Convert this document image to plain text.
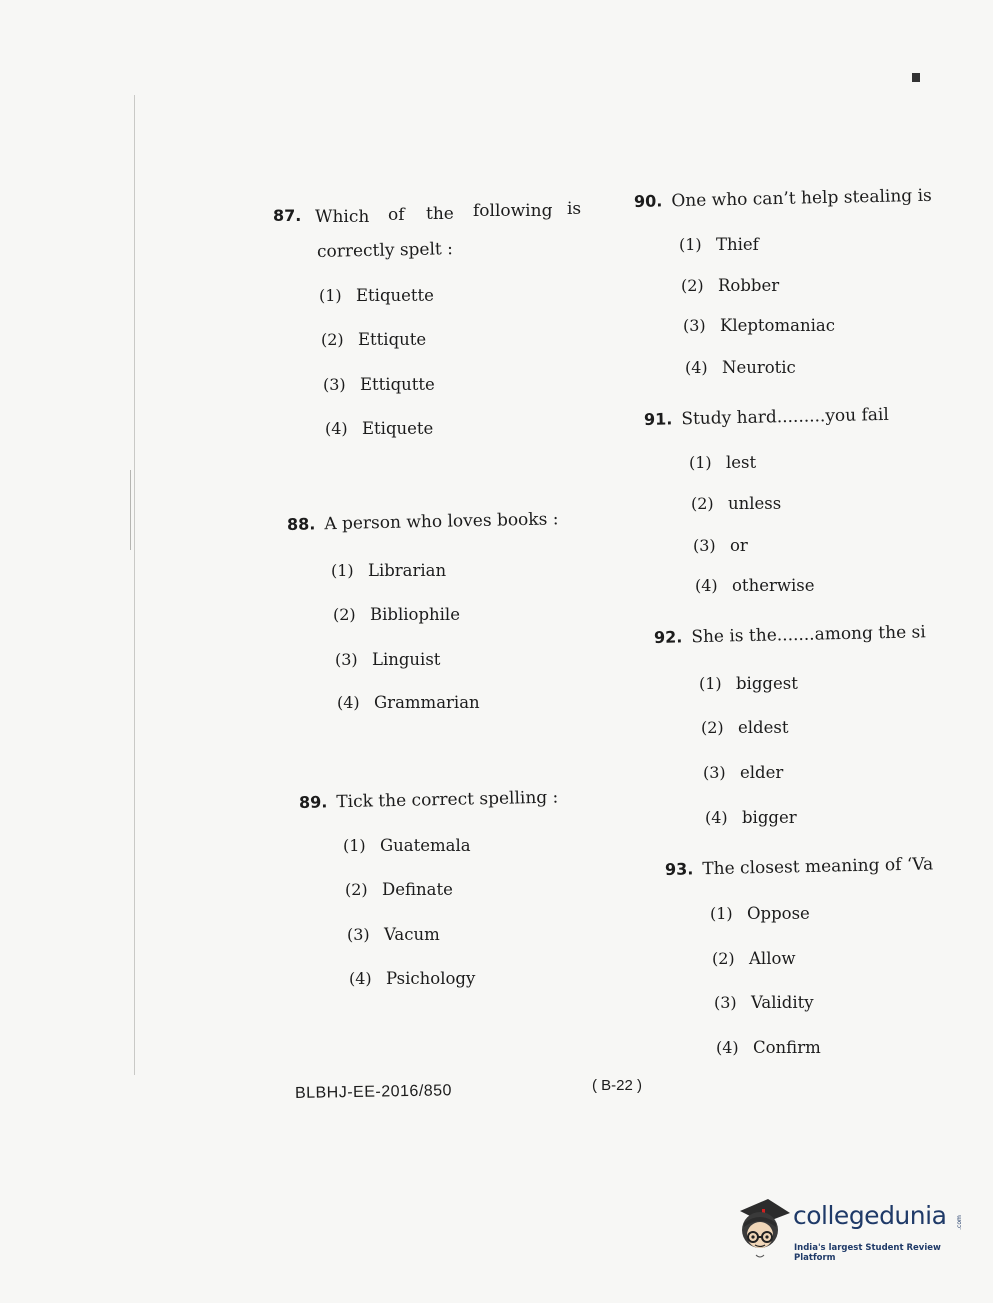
87. Which of the following is
correctly spelt :
(1) Etiquette
(2) Ettiqute
(3) Ettiqutte
(4) Etiquete
88. A person who loves books :
(1) Librarian
(2) Bibliophile
(3) Linguist
(4) Grammarian
89. Tick the correct spelling :
(1) Guatemala
(2) Definate
(3) Vacum
(4) Psichology
90. One who can’t help stealing is
(1) Thief
(2) Robber
(3) Kleptomaniac
(4) Neurotic
91. Study hard.........you fail
(1) lest
(2) unless
(3) or
(4) otherwise
92. She is the.......among the si
(1) biggest
(2) eldest
(3) elder
(4) bigger
93. The closest meaning of ‘Va
(1) Oppose
(2) Allow
(3) Validity
(4) Confirm
BLBHJ-EE-2016/850	( B-22 )
collegedunia .com
India's largest Student Review Platform
